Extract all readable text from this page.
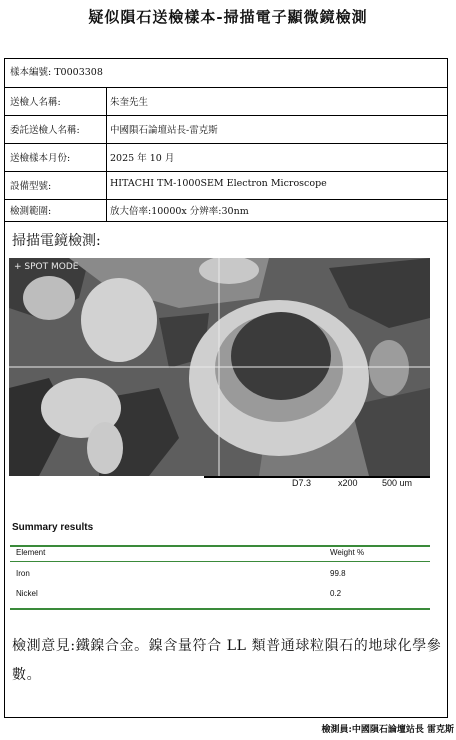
疑似隕石送檢樣本-掃描電子顯微鏡檢測
樣本編號: T0003308
送檢人名稱:	朱奎先生
委託送檢人名稱:	中國隕石論壇站長-雷克斯
送檢樣本月份:	2025 年 10 月
設備型號:	HITACHI TM-1000SEM Electron Microscope
檢測範圍:	放大倍率:10000x 分辨率:30nm
掃描電鏡檢測:
+ SPOT MODE
D7.3	x200	500 um
Summary results
Element	Weight %
Iron	99.8
Nickel	0.2
檢測意見:鐵鎳合金。鎳含量符合 LL 類普通球粒隕石的地球化學參數。
檢測員:中國隕石論壇站長 雷克斯
